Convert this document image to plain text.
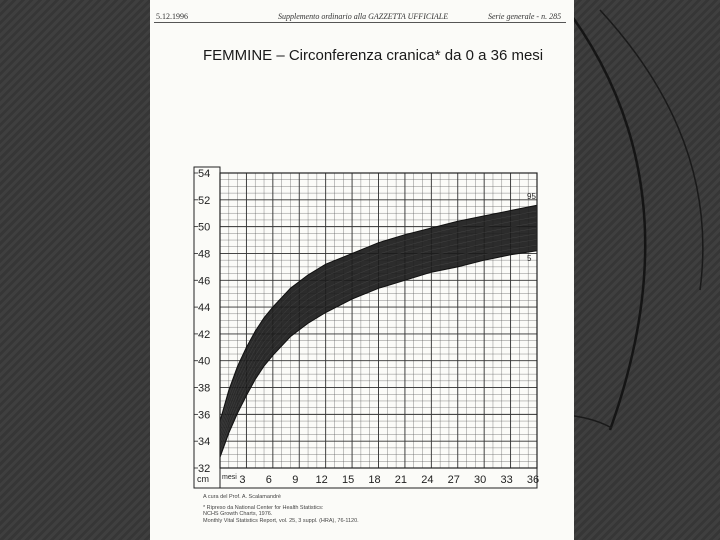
5.12.1996	Supplemento ordinario alla GAZZETTA UFFICIALE	Serie generale - n. 285
FEMMINE – Circonferenza cranica* da 0 a 36 mesi
32
34
36
38
40
42
44
46
48
50
52
54
cm	3 6 9 12 15 18 21 24 27 30 33 36
mesi
95
5
A cura del Prof. A. Scalamandrè
* Ripreso da National Center for Health Statistics:
NCHS Growth Charts, 1976.
Monthly Vital Statistics Report, vol. 25, 3 suppl. (HRA), 76-1120.
